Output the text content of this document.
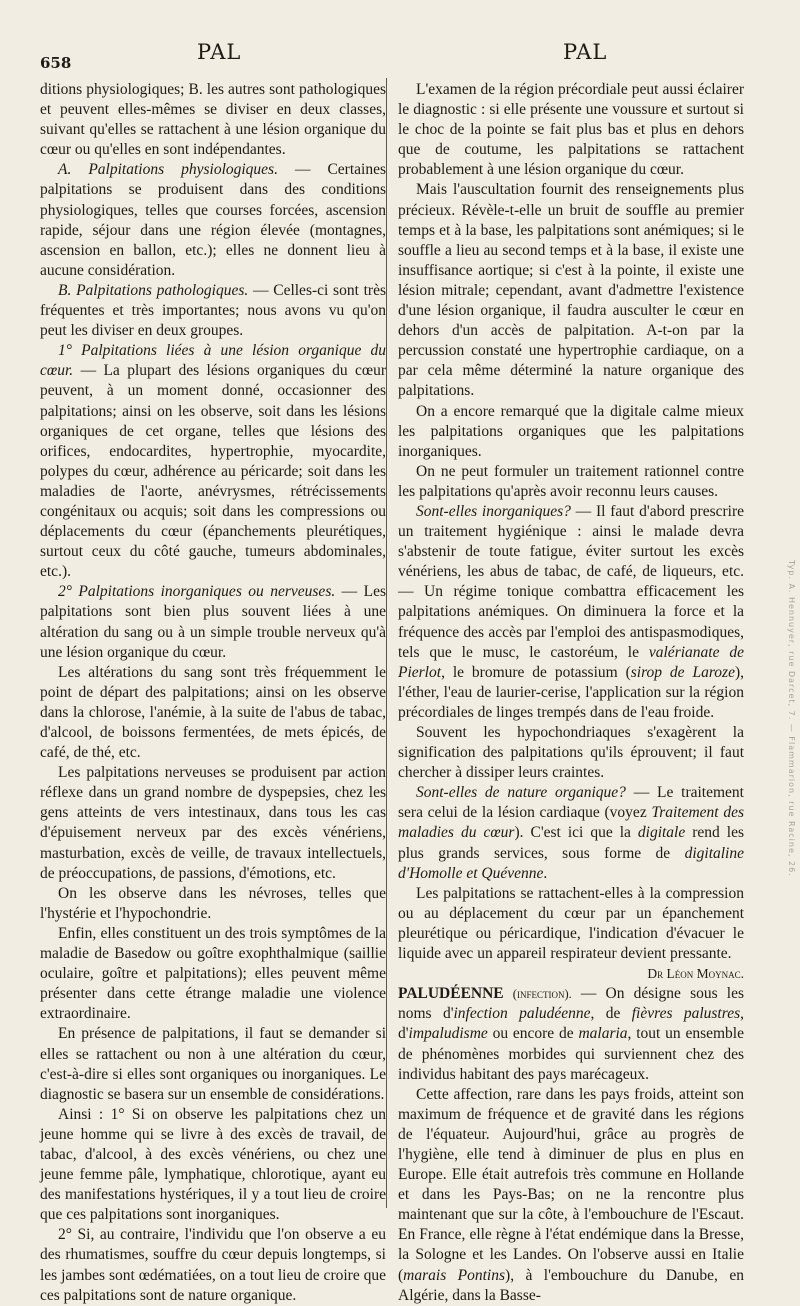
658	PAL	PAL

ditions physiologiques; B. les autres sont pathologiques et peuvent elles-mêmes se diviser en deux classes, suivant qu'elles se rattachent à une lésion organique du cœur ou qu'elles en sont indépendantes.

A. Palpitations physiologiques. — Certaines palpitations se produisent dans des conditions physiologiques, telles que courses forcées, ascension rapide, séjour dans une région élevée (montagnes, ascension en ballon, etc.); elles ne donnent lieu à aucune considération.

B. Palpitations pathologiques. — Celles-ci sont très fréquentes et très importantes; nous avons vu qu'on peut les diviser en deux groupes.

1° Palpitations liées à une lésion organique du cœur. — La plupart des lésions organiques du cœur peuvent, à un moment donné, occasionner des palpitations; ainsi on les observe, soit dans les lésions organiques de cet organe, telles que lésions des orifices, endocardites, hypertrophie, myocardite, polypes du cœur, adhérence au péricarde; soit dans les maladies de l'aorte, anévrysmes, rétrécissements congénitaux ou acquis; soit dans les compressions ou déplacements du cœur (épanchements pleurétiques, surtout ceux du côté gauche, tumeurs abdominales, etc.).

2° Palpitations inorganiques ou nerveuses. — Les palpitations sont bien plus souvent liées à une altération du sang ou à un simple trouble nerveux qu'à une lésion organique du cœur.

Les altérations du sang sont très fréquemment le point de départ des palpitations; ainsi on les observe dans la chlorose, l'anémie, à la suite de l'abus de tabac, d'alcool, de boissons fermentées, de mets épicés, de café, de thé, etc.

Les palpitations nerveuses se produisent par action réflexe dans un grand nombre de dyspepsies, chez les gens atteints de vers intestinaux, dans tous les cas d'épuisement nerveux par des excès vénériens, masturbation, excès de veille, de travaux intellectuels, de préoccupations, de passions, d'émotions, etc.

On les observe dans les névroses, telles que l'hystérie et l'hypochondrie.

Enfin, elles constituent un des trois symptômes de la maladie de Basedow ou goître exophthalmique (saillie oculaire, goître et palpitations); elles peuvent même présenter dans cette étrange maladie une violence extraordinaire.

En présence de palpitations, il faut se demander si elles se rattachent ou non à une altération du cœur, c'est-à-dire si elles sont organiques ou inorganiques. Le diagnostic se basera sur un ensemble de considérations.

Ainsi : 1° Si on observe les palpitations chez un jeune homme qui se livre à des excès de travail, de tabac, d'alcool, à des excès vénériens, ou chez une jeune femme pâle, lymphatique, chlorotique, ayant eu des manifestations hystériques, il y a tout lieu de croire que ces palpitations sont inorganiques.

2° Si, au contraire, l'individu que l'on observe a eu des rhumatismes, souffre du cœur depuis longtemps, si les jambes sont œdématiées, on a tout lieu de croire que ces palpitations sont de nature organique.

L'examen de la région précordiale peut aussi éclairer le diagnostic : si elle présente une voussure et surtout si le choc de la pointe se fait plus bas et plus en dehors que de coutume, les palpitations se rattachent probablement à une lésion organique du cœur.

Mais l'auscultation fournit des renseignements plus précieux. Révèle-t-elle un bruit de souffle au premier temps et à la base, les palpitations sont anémiques; si le souffle a lieu au second temps et à la base, il existe une insuffisance aortique; si c'est à la pointe, il existe une lésion mitrale; cependant, avant d'admettre l'existence d'une lésion organique, il faudra ausculter le cœur en dehors d'un accès de palpitation. A-t-on par la percussion constaté une hypertrophie cardiaque, on a par cela même déterminé la nature organique des palpitations.

On a encore remarqué que la digitale calme mieux les palpitations organiques que les palpitations inorganiques.

On ne peut formuler un traitement rationnel contre les palpitations qu'après avoir reconnu leurs causes.

Sont-elles inorganiques? — Il faut d'abord prescrire un traitement hygiénique : ainsi le malade devra s'abstenir de toute fatigue, éviter surtout les excès vénériens, les abus de tabac, de café, de liqueurs, etc. — Un régime tonique combattra efficacement les palpitations anémiques. On diminuera la force et la fréquence des accès par l'emploi des antispasmodiques, tels que le musc, le castoréum, le valérianate de Pierlot, le bromure de potassium (sirop de Laroze), l'éther, l'eau de laurier-cerise, l'application sur la région précordiales de linges trempés dans de l'eau froide.

Souvent les hypochondriaques s'exagèrent la signification des palpitations qu'ils éprouvent; il faut chercher à dissiper leurs craintes.

Sont-elles de nature organique? — Le traitement sera celui de la lésion cardiaque (voyez Traitement des maladies du cœur). C'est ici que la digitale rend les plus grands services, sous forme de digitaline d'Homolle et Quévenne.

Les palpitations se rattachent-elles à la compression ou au déplacement du cœur par un épanchement pleurétique ou péricardique, l'indication d'évacuer le liquide avec un appareil respirateur devient pressante.

Dr Léon Moynac.

PALUDÉENNE (infection). — On désigne sous les noms d'infection paludéenne, de fièvres palustres, d'impaludisme ou encore de malaria, tout un ensemble de phénomènes morbides qui surviennent chez des individus habitant des pays marécageux.

Cette affection, rare dans les pays froids, atteint son maximum de fréquence et de gravité dans les régions de l'équateur. Aujourd'hui, grâce au progrès de l'hygiène, elle tend à diminuer de plus en plus en Europe. Elle était autrefois très commune en Hollande et dans les Pays-Bas; on ne la rencontre plus maintenant que sur la côte, à l'embouchure de l'Escaut. En France, elle règne à l'état endémique dans la Bresse, la Sologne et les Landes. On l'observe aussi en Italie (marais Pontins), à l'embouchure du Danube, en Algérie, dans la Basse-

Typ. A. Hennuyer, rue Darcet, 7. — Flammarion, rue Racine, 26.
